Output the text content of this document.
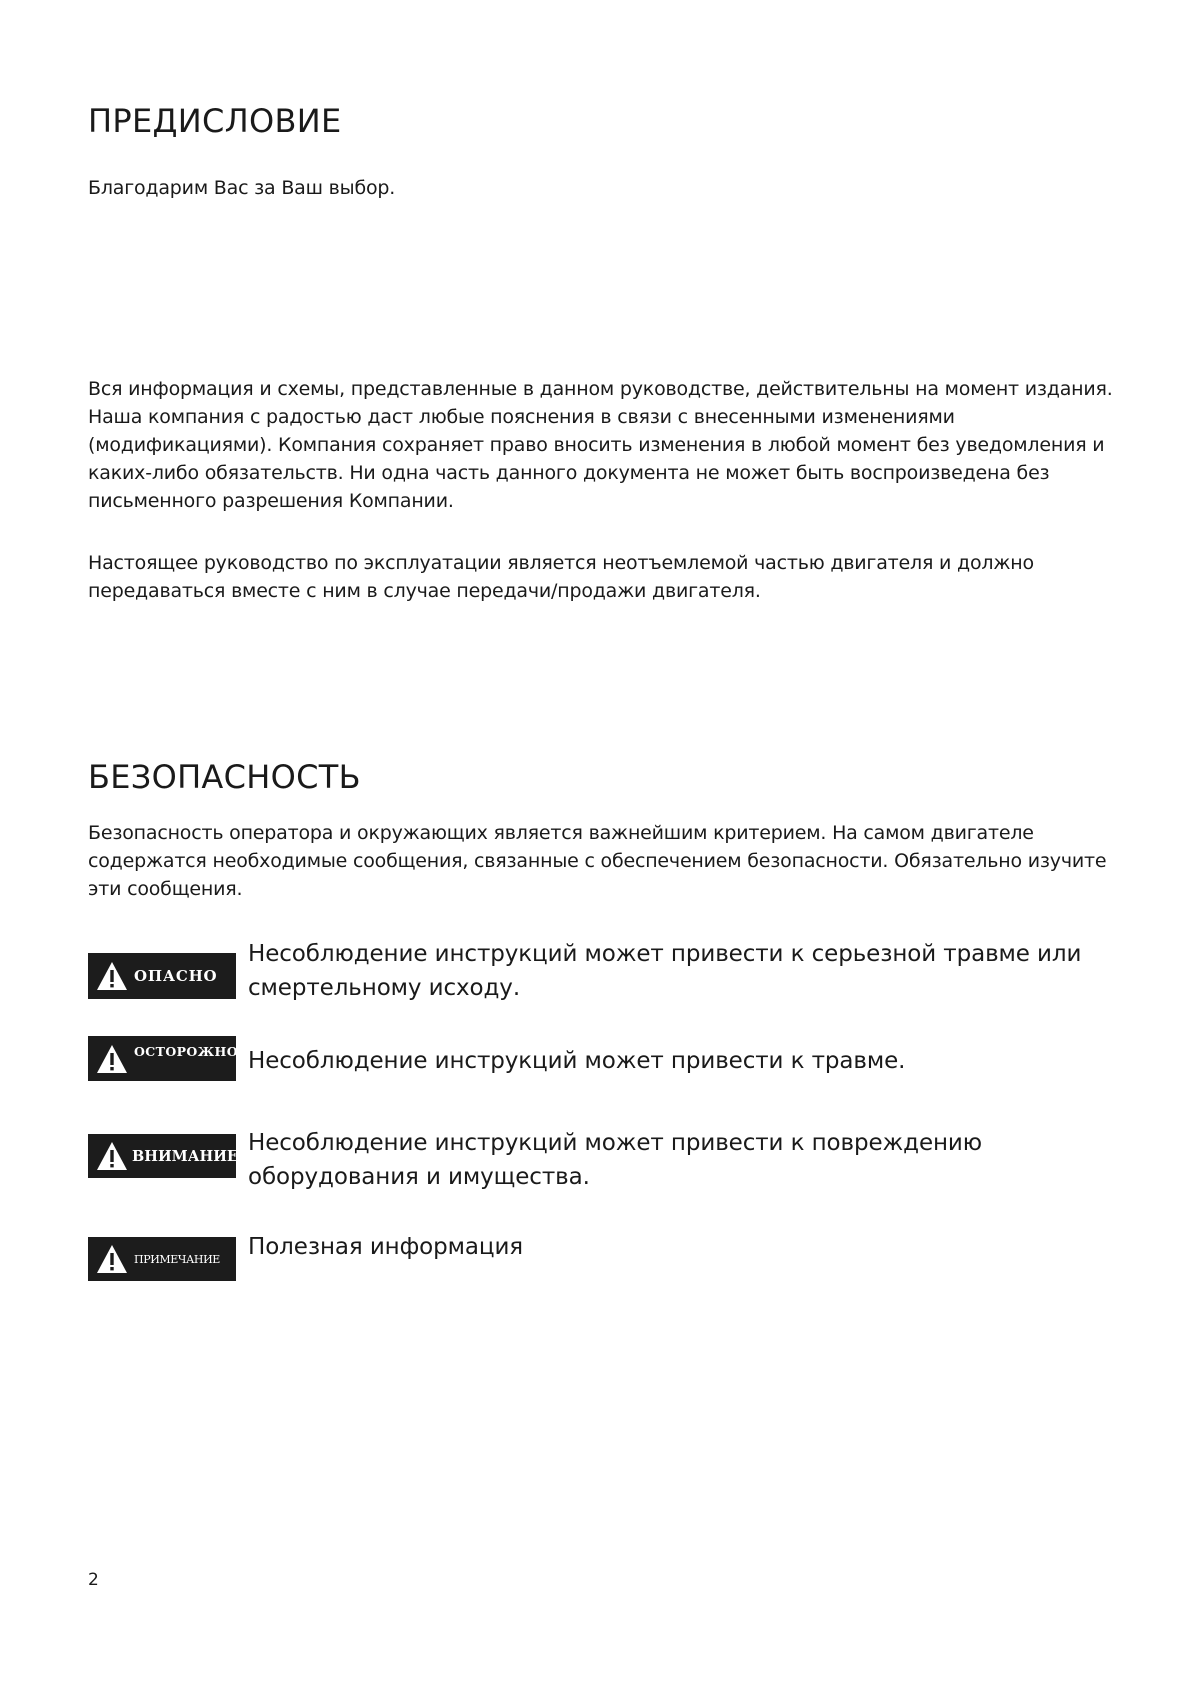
ПРЕДИСЛОВИЕ

Благодарим Вас за Ваш выбор.

Вся информация и схемы, представленные в данном руководстве, действительны на момент издания. Наша компания с радостью даст любые пояснения в связи с внесенными изменениями (модификациями). Компания сохраняет право вносить изменения в любой момент без уведомления и каких-либо обязательств. Ни одна часть данного документа не может быть воспроизведена без письменного разрешения Компании.

Настоящее руководство по эксплуатации является неотъемлемой частью двигателя и должно передаваться вместе с ним в случае передачи/продажи двигателя.

БЕЗОПАСНОСТЬ

Безопасность оператора и окружающих является важнейшим критерием. На самом двигателе содержатся необходимые сообщения, связанные с обеспечением безопасности. Обязательно изучите эти сообщения.

ОПАСНО
Несоблюдение инструкций может привести к серьезной травме или смертельному исходу.
ОСТОРОЖНО Несоблюдение инструкций может привести к травме.
ВНИМАНИЕ Несоблюдение инструкций может привести к повреждению оборудования и имущества.
ПРИМЕЧАНИЕ Полезная информация
2
